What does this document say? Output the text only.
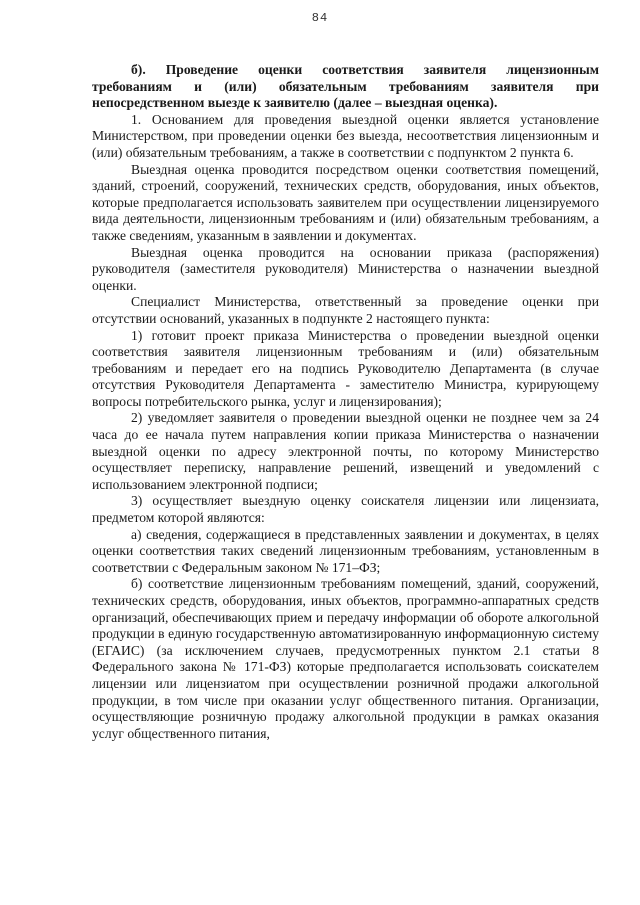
84

б). Проведение оценки соответствия заявителя лицензионным требованиям и (или) обязательным требованиям заявителя при непосредственном выезде к заявителю (далее – выездная оценка).

1. Основанием для проведения выездной оценки является установление Министерством, при проведении оценки без выезда, несоответствия лицензионным и (или) обязательным требованиям, а также в соответствии с подпунктом 2 пункта 6.

Выездная оценка проводится посредством оценки соответствия помещений, зданий, строений, сооружений, технических средств, оборудования, иных объектов, которые предполагается использовать заявителем при осуществлении лицензируемого вида деятельности, лицензионным требованиям и (или) обязательным требованиям, а также сведениям, указанным в заявлении и документах.

Выездная оценка проводится на основании приказа (распоряжения) руководителя (заместителя руководителя) Министерства о назначении выездной оценки.

Специалист Министерства, ответственный за проведение оценки при отсутствии оснований, указанных в подпункте 2 настоящего пункта:

1) готовит проект приказа Министерства о проведении выездной оценки соответствия заявителя лицензионным требованиям и (или) обязательным требованиям и передает его на подпись Руководителю Департамента (в случае отсутствия Руководителя Департамента - заместителю Министра, курирующему вопросы потребительского рынка, услуг и лицензирования);

2) уведомляет заявителя о проведении выездной оценки не позднее чем за 24 часа до ее начала путем направления копии приказа Министерства о назначении выездной оценки по адресу электронной почты, по которому Министерство осуществляет переписку, направление решений, извещений и уведомлений с использованием электронной подписи;

3) осуществляет выездную оценку соискателя лицензии или лицензиата, предметом которой являются:

а) сведения, содержащиеся в представленных заявлении и документах, в целях оценки соответствия таких сведений лицензионным требованиям, установленным в соответствии с Федеральным законом № 171–ФЗ;

б) соответствие лицензионным требованиям помещений, зданий, сооружений, технических средств, оборудования, иных объектов, программно-аппаратных средств организаций, обеспечивающих прием и передачу информации об обороте алкогольной продукции в единую государственную автоматизированную информационную систему (ЕГАИС) (за исключением случаев, предусмотренных пунктом 2.1 статьи 8 Федерального закона № 171-ФЗ) которые предполагается использовать соискателем лицензии или лицензиатом при осуществлении розничной продажи алкогольной продукции, в том числе при оказании услуг общественного питания. Организации, осуществляющие розничную продажу алкогольной продукции в рамках оказания услуг общественного питания,
